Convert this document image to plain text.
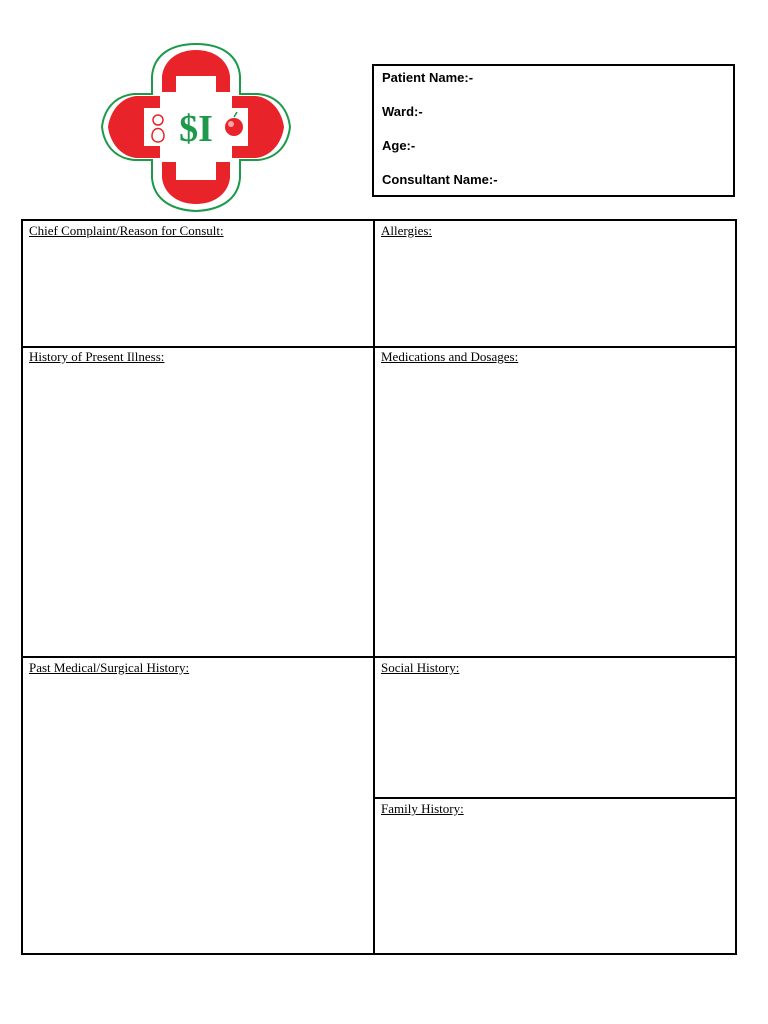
$I
Patient Name:-
Ward:-
Age:-
Consultant Name:-
Chief Complaint/Reason for Consult:	Allergies:
History of Present Illness:	Medications and Dosages:
Past Medical/Surgical History:	Social History:
Family History:
